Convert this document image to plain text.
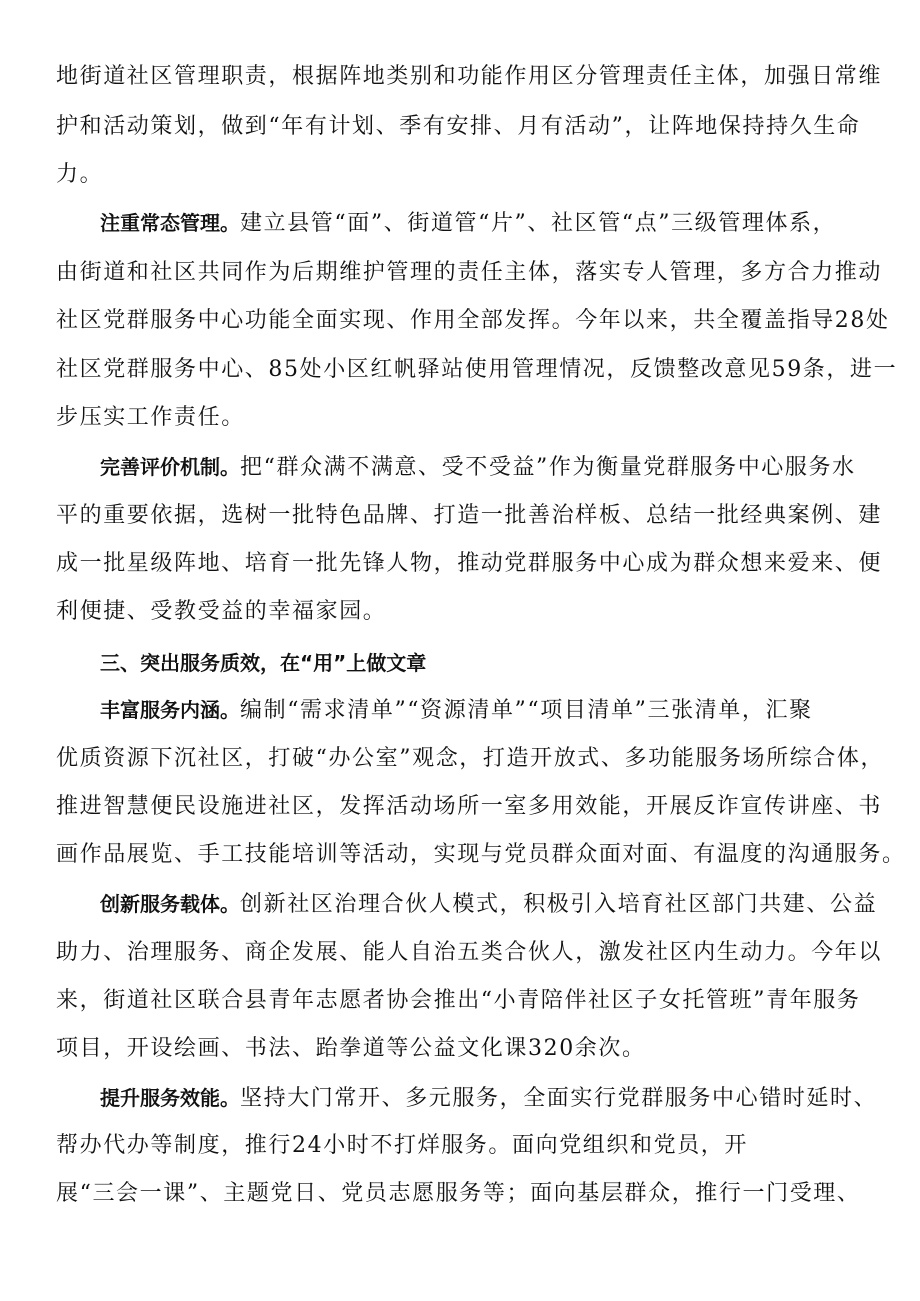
地街道社区管理职责，根据阵地类别和功能作用区分管理责任主体，加强日常维
护和活动策划，做到“年有计划、季有安排、月有活动”，让阵地保持持久生命
力。
注重常态管理。建立县管“面”、街道管“片”、社区管“点”三级管理体系，
由街道和社区共同作为后期维护管理的责任主体，落实专人管理，多方合力推动
社区党群服务中心功能全面实现、作用全部发挥。今年以来，共全覆盖指导28处
社区党群服务中心、85处小区红帆驿站使用管理情况，反馈整改意见59条，进一
步压实工作责任。
完善评价机制。把“群众满不满意、受不受益”作为衡量党群服务中心服务水
平的重要依据，选树一批特色品牌、打造一批善治样板、总结一批经典案例、建
成一批星级阵地、培育一批先锋人物，推动党群服务中心成为群众想来爱来、便
利便捷、受教受益的幸福家园。
三、突出服务质效，在“用”上做文章
丰富服务内涵。编制“需求清单”“资源清单”“项目清单”三张清单，汇聚
优质资源下沉社区，打破“办公室”观念，打造开放式、多功能服务场所综合体，
推进智慧便民设施进社区，发挥活动场所一室多用效能，开展反诈宣传讲座、书
画作品展览、手工技能培训等活动，实现与党员群众面对面、有温度的沟通服务。
创新服务载体。创新社区治理合伙人模式，积极引入培育社区部门共建、公益
助力、治理服务、商企发展、能人自治五类合伙人，激发社区内生动力。今年以
来，街道社区联合县青年志愿者协会推出“小青陪伴社区子女托管班”青年服务
项目，开设绘画、书法、跆拳道等公益文化课320余次。
提升服务效能。坚持大门常开、多元服务，全面实行党群服务中心错时延时、
帮办代办等制度，推行24小时不打烊服务。面向党组织和党员，开
展“三会一课”、主题党日、党员志愿服务等；面向基层群众，推行一门受理、
